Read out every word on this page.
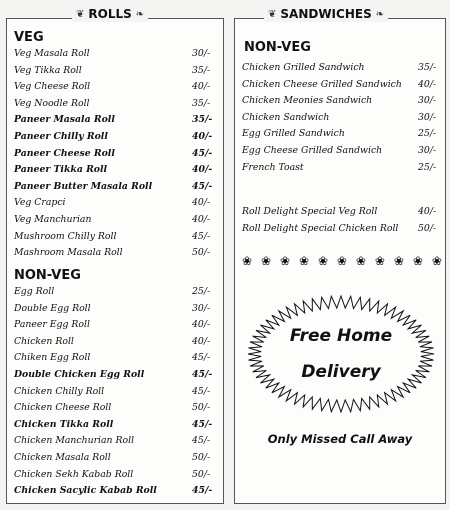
❦ ROLLS ❧	❦ SANDWICHES ❧
VEG
Veg Masala Roll	30/-
Veg Tikka Roll	35/-
Veg Cheese Roll	40/-
Veg Noodle Roll	35/-
Paneer Masala Roll	35/-
Paneer Chilly Roll	40/-
Paneer Cheese Roll	45/-
Paneer Tikka Roll	40/-
Paneer Butter Masala Roll	45/-
Veg Crapci	40/-
Veg Manchurian	40/-
Mushroom Chilly Roll	45/-
Mashroom Masala Roll	50/-
NON-VEG
Egg Roll	25/-
Double Egg Roll	30/-
Paneer Egg Roll	40/-
Chicken Roll	40/-
Chiken Egg Roll	45/-
Double Chicken Egg Roll	45/-
Chicken Chilly Roll	45/-
Chicken Cheese Roll	50/-
Chicken Tikka Roll	45/-
Chicken Manchurian Roll	45/-
Chicken Masala Roll	50/-
Chicken Sekh Kabab Roll	50/-
Chicken Sacylic Kabab Roll	45/-
NON-VEG
Chicken Grilled Sandwich	35/-
Chicken Cheese Grilled Sandwich 40/-
Chicken Meonies Sandwich	30/-
Chicken Sandwich	30/-
Egg Grilled Sandwich	25/-
Egg Cheese Grilled Sandwich	30/-
French Toast	25/-
Roll Delight Special Veg Roll	40/-
Roll Delight Special Chicken Roll 50/-
❀ ❀ ❀ ❀ ❀ ❀ ❀ ❀ ❀ ❀ ❀
Free Home
Delivery
Only Missed Call Away
